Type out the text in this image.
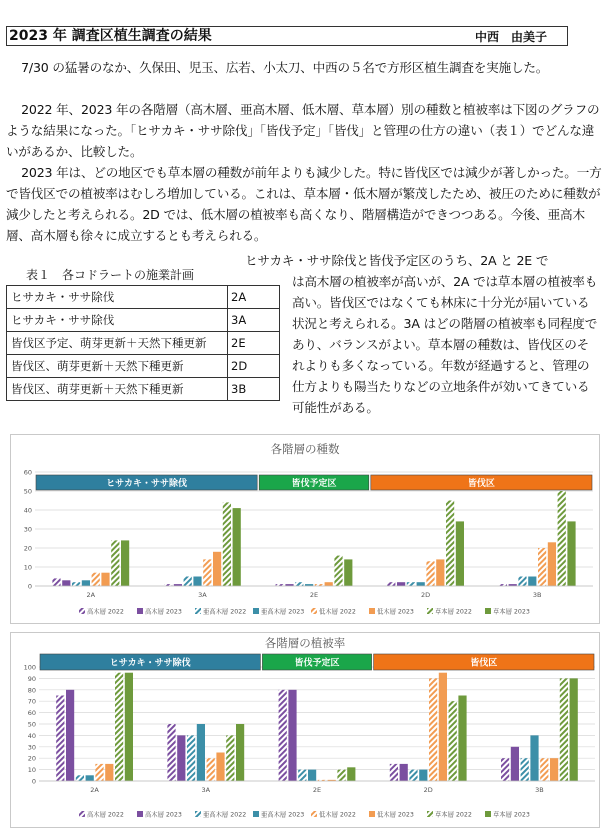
2023 年 調査区植生調査の結果	中西　由美子

7/30 の猛暑のなか、久保田、児玉、広若、小太刀、中西の５名で方形区植生調査を実施した。

2022 年、2023 年の各階層（高木層、亜高木層、低木層、草本層）別の種数と植被率は下図のグラフのような結果になった。「ヒサカキ・ササ除伐」「皆伐予定」「皆伐」と管理の仕方の違い（表１）でどんな違いがあるか、比較した。

2023 年は、どの地区でも草本層の種数が前年よりも減少した。特に皆伐区では減少が著しかった。一方で皆伐区での植被率はむしろ増加している。これは、草本層・低木層が繁茂したため、被圧のために種数が減少したと考えられる。2D では、低木層の植被率も高くなり、階層構造ができつつある。今後、亜高木層、高木層も徐々に成立するとも考えられる。

表１　各コドラートの施業計画
ヒサカキ・ササ除伐	2A
ヒサカキ・ササ除伐	3A
皆伐区予定、萌芽更新＋天然下種更新	2E
皆伐区、萌芽更新＋天然下種更新	2D
皆伐区、萌芽更新＋天然下種更新	3B

ヒサカキ・ササ除伐と皆伐予定区のうち、2A と 2E で
は高木層の植被率が高いが、2A では草本層の植被率も高い。皆伐区ではなくても林床に十分光が届いている状況と考えられる。3A はどの階層の植被率も同程度であり、バランスがよい。草本層の種数は、皆伐区のそれよりも多くなっている。年数が経過すると、管理の仕方よりも陽当たりなどの立地条件が効いてきている可能性がある。

各階層の種数
0
10
20
30
40
50
60
ヒサカキ・ササ除伐	皆伐予定区	皆伐区
2A	3A	2E	2D	3B
高木層 2022	高木層 2023	亜高木層 2022 亜高木層 2023 低木層 2022	低木層 2023	草本層 2022	草本層 2023
各階層の植被率
0
10
20
30
40
50
60
70
80
90
100	ヒサカキ・ササ除伐	皆伐予定区	皆伐区
2A	3A	2E	2D	3B
高木層 2022	高木層 2023	亜高木層 2022 亜高木層 2023 低木層 2022	低木層 2023	草本層 2022	草本層 2023
